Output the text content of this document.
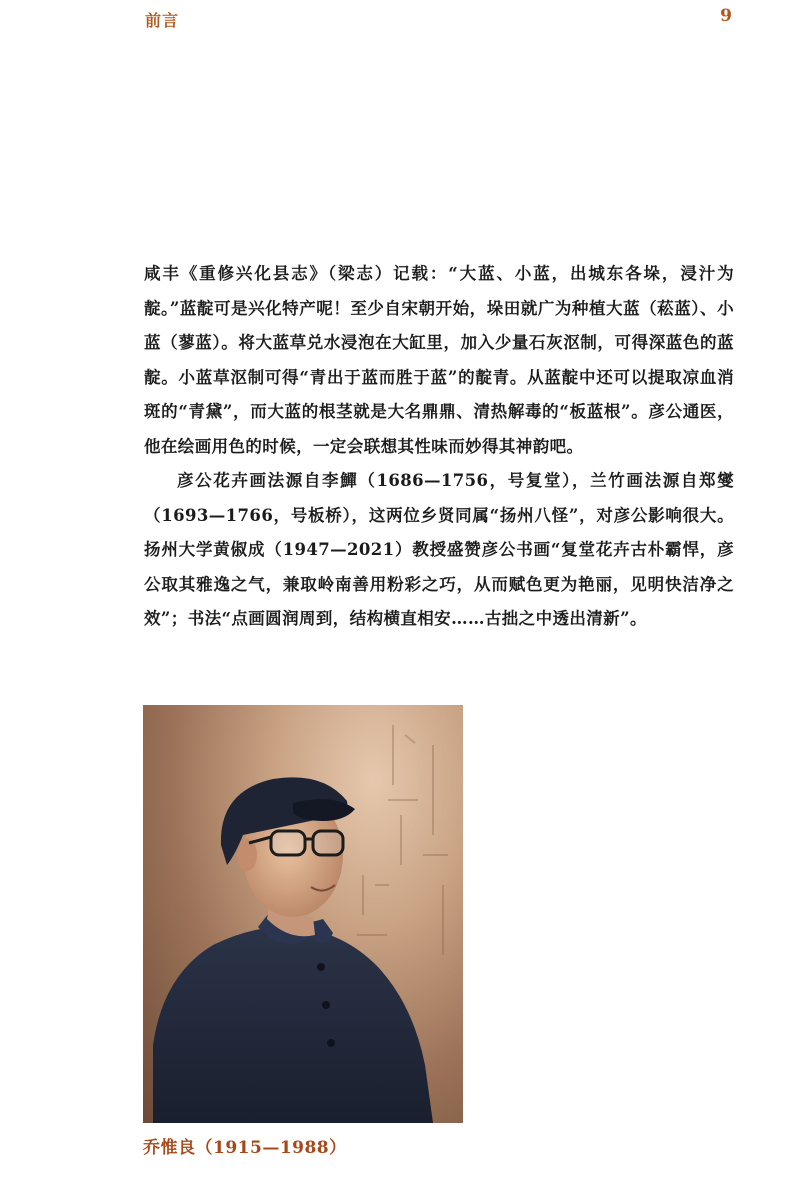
前言	9

咸丰《重修兴化县志》（梁志）记载：“大蓝、小蓝，出城东各垛，浸汁为靛。”蓝靛可是兴化特产呢！至少自宋朝开始，垛田就广为种植大蓝（菘蓝）、小蓝（蓼蓝）。将大蓝草兑水浸泡在大缸里，加入少量石灰沤制，可得深蓝色的蓝靛。小蓝草沤制可得“青出于蓝而胜于蓝”的靛青。从蓝靛中还可以提取凉血消斑的“青黛”，而大蓝的根茎就是大名鼎鼎、清热解毒的“板蓝根”。彦公通医，他在绘画用色的时候，一定会联想其性味而妙得其神韵吧。

彦公花卉画法源自李鱓（1686—1756，号复堂），兰竹画法源自郑燮（1693—1766，号板桥），这两位乡贤同属“扬州八怪”，对彦公影响很大。扬州大学黄俶成（1947—2021）教授盛赞彦公书画“复堂花卉古朴霸悍，彦公取其雅逸之气，兼取岭南善用粉彩之巧，从而赋色更为艳丽，见明快洁净之效”；书法“点画圆润周到，结构横直相安……古拙之中透出清新”。

乔惟良（1915—1988）
